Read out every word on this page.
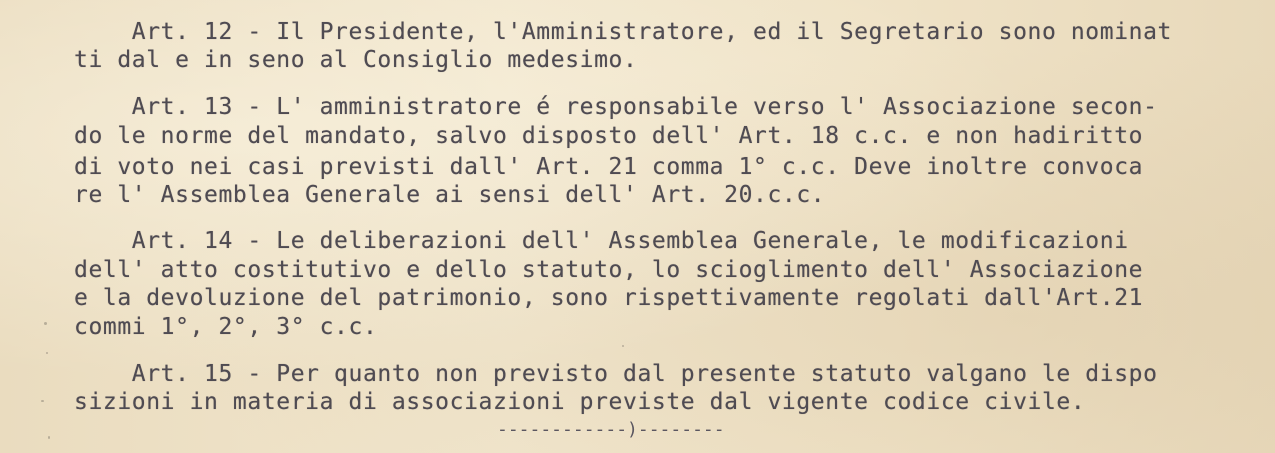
Art. 12 - Il Presidente, l'Amministratore, ed il Segretario sono nominat

ti dal e in seno al Consiglio medesimo.

Art. 13 - L' amministratore é responsabile verso l' Associazione secon-

do le norme del mandato, salvo disposto dell' Art. 18 c.c. e non hadiritto

di voto nei casi previsti dall' Art. 21 comma 1° c.c. Deve inoltre convoca

re l' Assemblea Generale ai sensi dell' Art. 20.c.c.

Art. 14 - Le deliberazioni dell' Assemblea Generale, le modificazioni

dell' atto costitutivo e dello statuto, lo scioglimento dell' Associazione

e la devoluzione del patrimonio, sono rispettivamente regolati dall'Art.21

commi 1°, 2°, 3° c.c.

Art. 15 - Per quanto non previsto dal presente statuto valgano le dispo

sizioni in materia di associazioni previste dal vigente codice civile.

------------)--------
